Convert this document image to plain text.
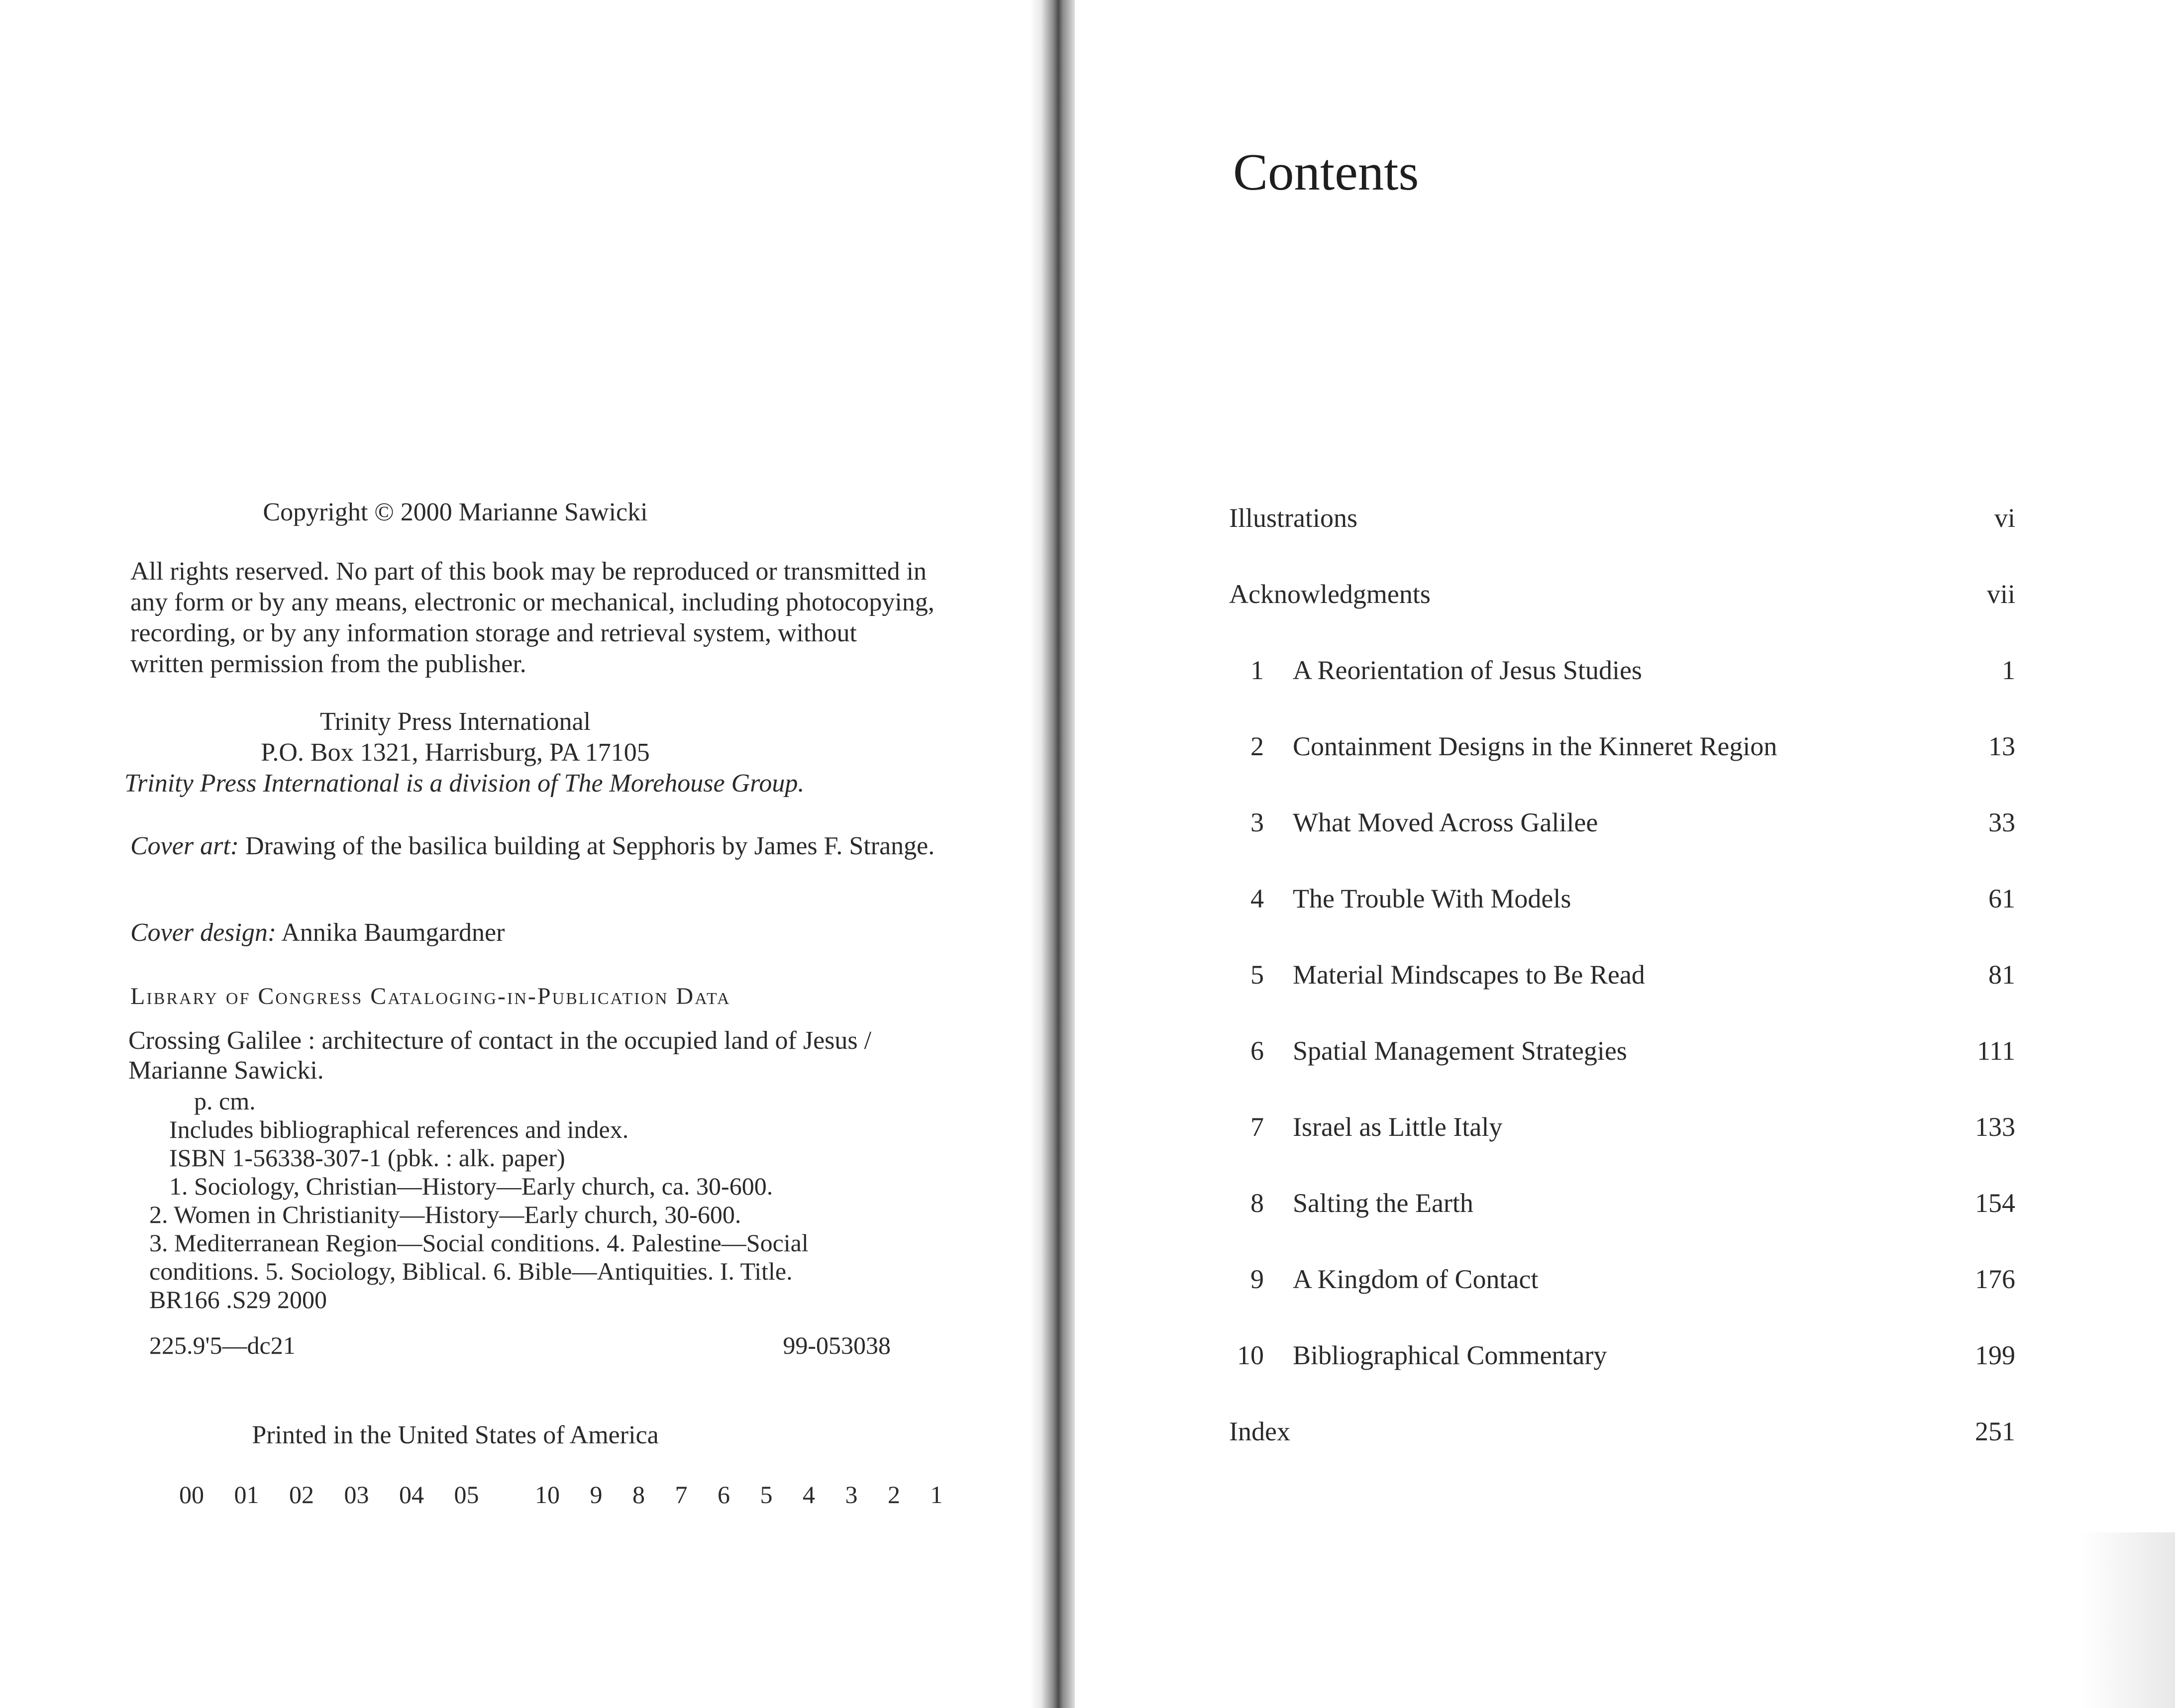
Copyright © 2000 Marianne Sawicki

All rights reserved. No part of this book may be reproduced or transmitted in any form or by any means, electronic or mechanical, including photocopying, recording, or by any information storage and retrieval system, without written permission from the publisher.

Trinity Press International
P.O. Box 1321, Harrisburg, PA 17105
Trinity Press International is a division of The Morehouse Group.

Cover art: Drawing of the basilica building at Sepphoris by James F. Strange.

Cover design: Annika Baumgardner

Library of Congress Cataloging-in-Publication Data

Crossing Galilee : architecture of contact in the occupied land of Jesus / Marianne Sawicki.

p. cm.
Includes bibliographical references and index.
ISBN 1-56338-307-1 (pbk. : alk. paper)
1. Sociology, Christian—History—Early church, ca. 30-600.
2. Women in Christianity—History—Early church, 30-600.
3. Mediterranean Region—Social conditions. 4. Palestine—Social
conditions. 5. Sociology, Biblical. 6. Bible—Antiquities. I. Title.
BR166 .S29 2000
225.9'5—dc21	99-053038
Printed in the United States of America
00 01 02 03 04 05 10 9 8 7 6 5 4 3 2 1
Contents
Illustrations	vi
Acknowledgments	vii
1 A Reorientation of Jesus Studies	1
2 Containment Designs in the Kinneret Region	13
3 What Moved Across Galilee	33
4 The Trouble With Models	61
5 Material Mindscapes to Be Read	81
6 Spatial Management Strategies	111
7 Israel as Little Italy	133
8 Salting the Earth	154
9 A Kingdom of Contact	176
10 Bibliographical Commentary	199
Index	251
